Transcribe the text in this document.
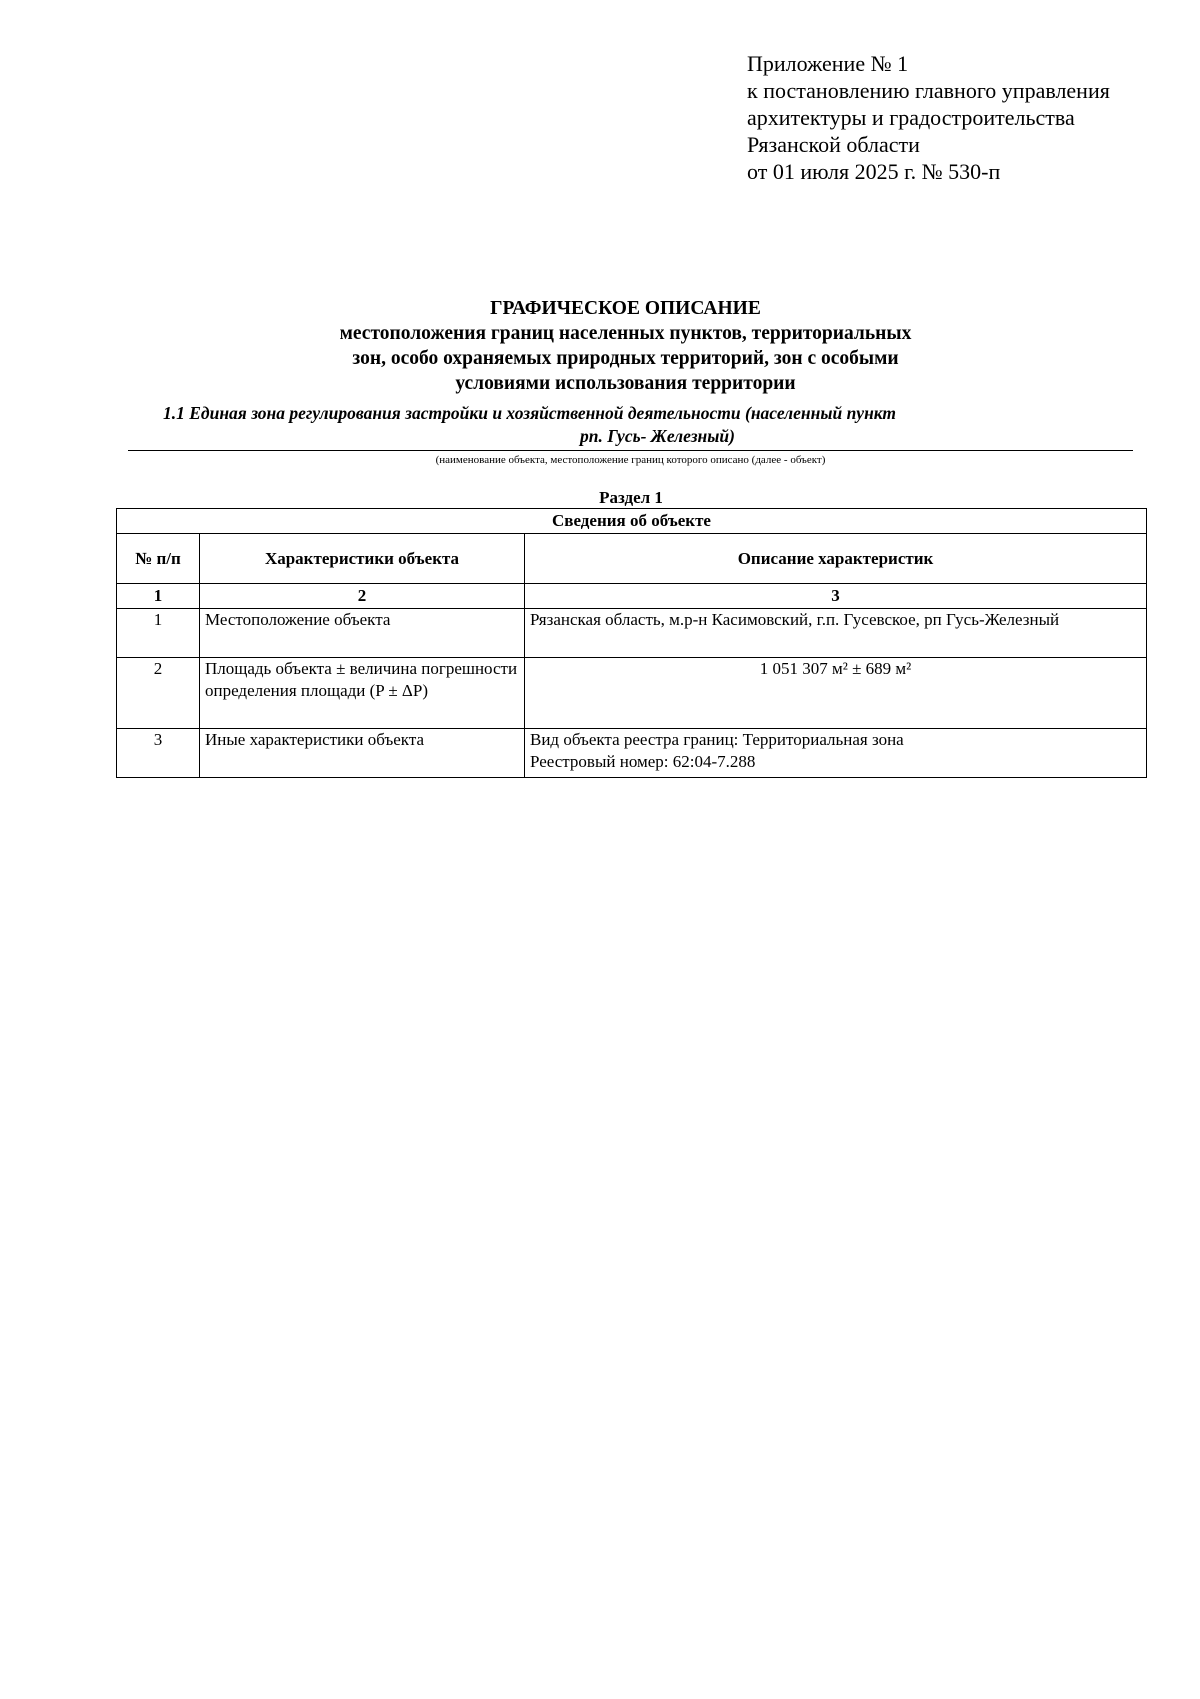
Приложение № 1
к постановлению главного управления
архитектуры и градостроительства
Рязанской области
от 01 июля 2025 г. № 530-п
ГРАФИЧЕСКОЕ ОПИСАНИЕ
местоположения границ населенных пунктов, территориальных
зон, особо охраняемых природных территорий, зон с особыми
условиями использования территории
1.1 Единая зона регулирования застройки и хозяйственной деятельности (населенный пункт
рп. Гусь- Железный)
(наименование объекта, местоположение границ которого описано (далее - объект)
Раздел 1
Сведения об объекте		
№ п/п	Характеристики объекта	Описание характеристик
1	2	3
1	Местоположение объекта	Рязанская область, м.р-н Касимовский, г.п. Гусевское, рп Гусь-Железный

2	Площадь объекта ± величина погрешности определения площади (P ± ΔP)	1 051 307 м² ± 689 м²

3	Иные характеристики объекта	Вид объекта реестра границ: Территориальная зона
Реестровый номер: 62:04-7.288
